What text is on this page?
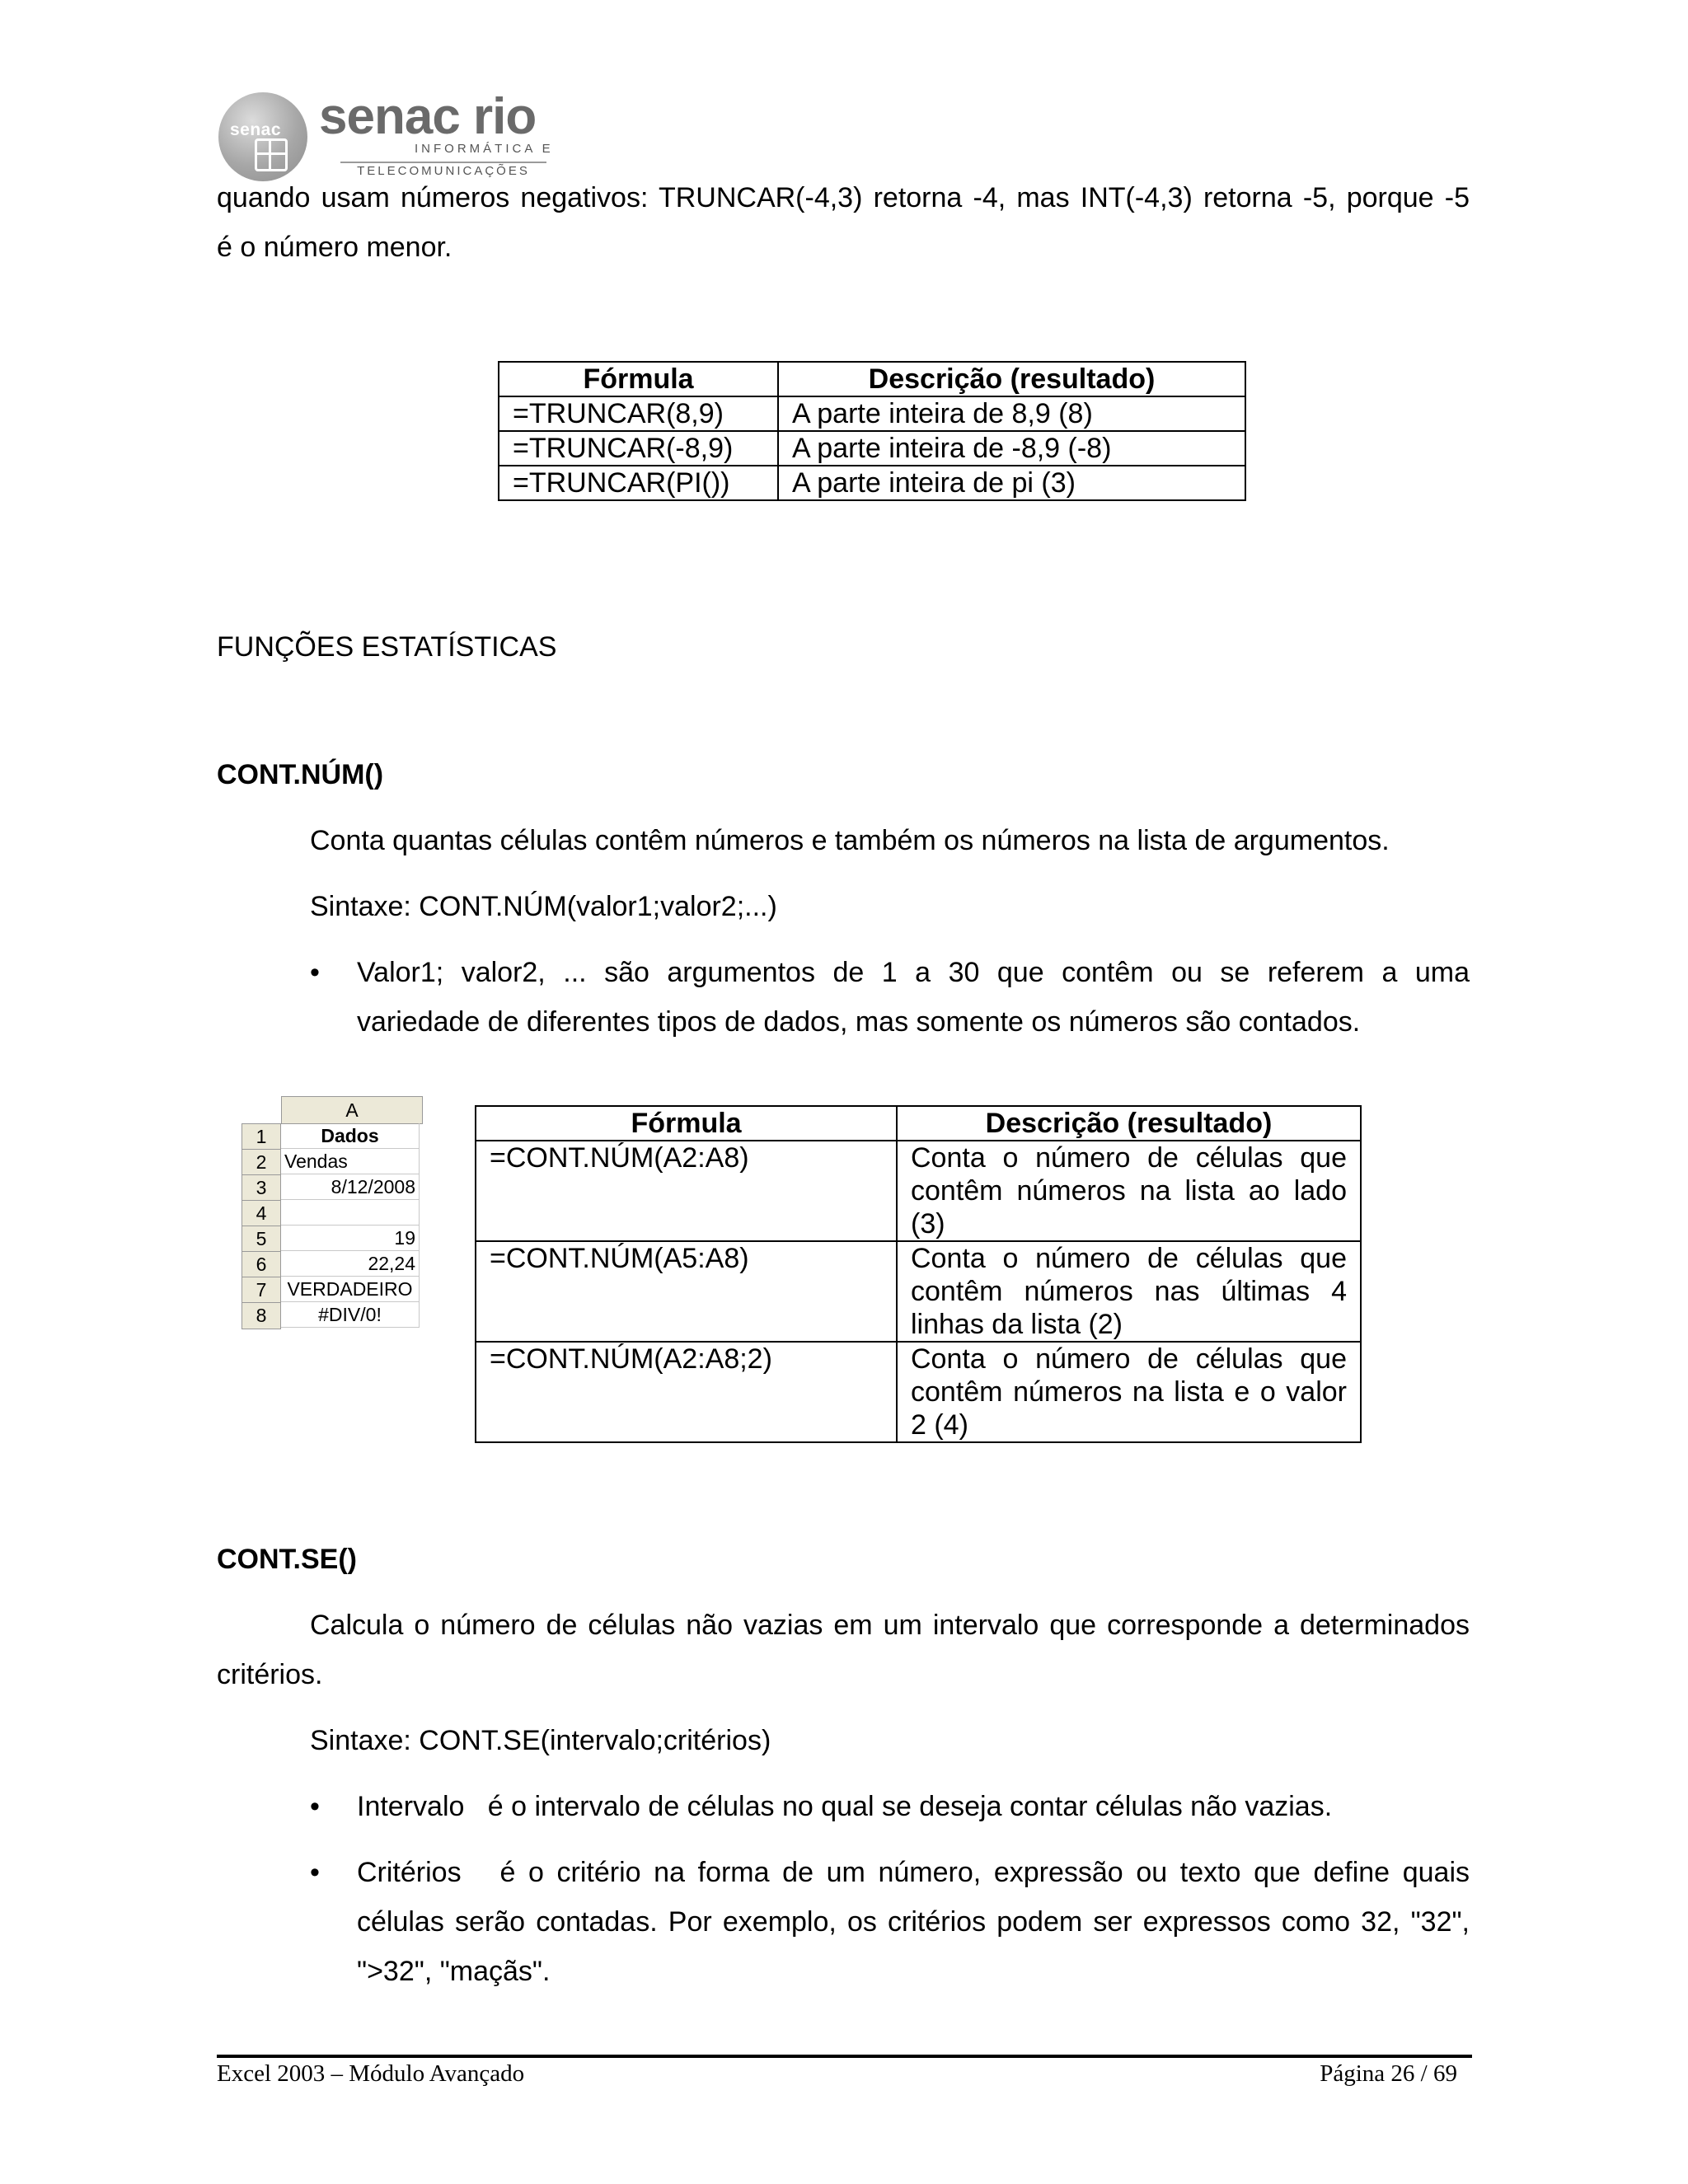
senac senac rio
INFORMÁTICA E
TELECOMUNICAÇÕES
quando usam números negativos: TRUNCAR(-4,3) retorna -4, mas INT(-4,3) retorna -5, porque -5
é o número menor.
Fórmula	Descrição (resultado)
=TRUNCAR(8,9)	A parte inteira de 8,9 (8)
=TRUNCAR(-8,9)	A parte inteira de -8,9 (-8)
=TRUNCAR(PI())	A parte inteira de pi (3)
FUNÇÕES ESTATÍSTICAS
CONT.NÚM()
Conta quantas células contêm números e também os números na lista de argumentos.
Sintaxe: CONT.NÚM(valor1;valor2;...)
• Valor1; valor2, ... são argumentos de 1 a 30 que contêm ou se referem a uma
variedade de diferentes tipos de dados, mas somente os números são contados.
A
1	Dados
2 Vendas
3	8/12/2008
4
5	19
6	22,24
7	VERDADEIRO
8	#DIV/0!
Fórmula	Descrição (resultado)
=CONT.NÚM(A2:A8)	Conta o número de células que contêm números na lista ao lado (3)
=CONT.NÚM(A5:A8)	Conta o número de células que contêm números nas últimas 4 linhas da lista (2)
=CONT.NÚM(A2:A8;2)	Conta o número de células que contêm números na lista e o valor 2 (4)
CONT.SE()
Calcula o número de células não vazias em um intervalo que corresponde a determinados
critérios.
Sintaxe: CONT.SE(intervalo;critérios)
• Intervalo   é o intervalo de células no qual se deseja contar células não vazias.
• Critérios   é o critério na forma de um número, expressão ou texto que define quais
células serão contadas. Por exemplo, os critérios podem ser expressos como 32, "32",
">32", "maçãs".
Excel 2003 – Módulo Avançado	Página 26 / 69
